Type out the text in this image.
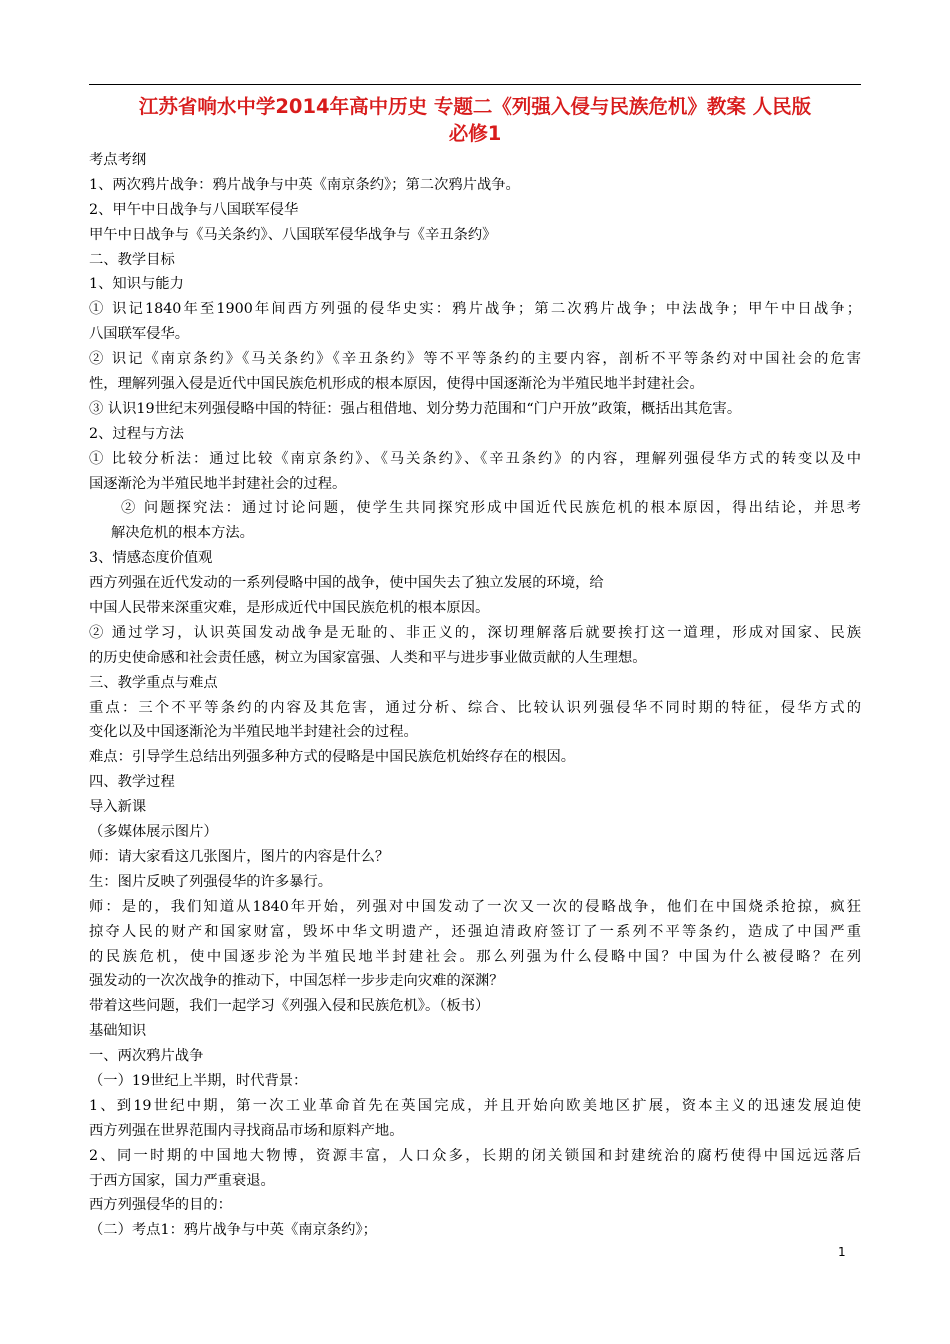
江苏省响水中学2014年高中历史 专题二《列强入侵与民族危机》教案 人民版
必修1
考点考纲
1、两次鸦片战争：鸦片战争与中英《南京条约》；第二次鸦片战争。
2、甲午中日战争与八国联军侵华
甲午中日战争与《马关条约》、八国联军侵华战争与《辛丑条约》
二、教学目标
1、知识与能力
① 识记1840年至1900年间西方列强的侵华史实：鸦片战争；第二次鸦片战争；中法战争；甲午中日战争；
八国联军侵华。
② 识记《南京条约》《马关条约》《辛丑条约》等不平等条约的主要内容，剖析不平等条约对中国社会的危害
性，理解列强入侵是近代中国民族危机形成的根本原因，使得中国逐渐沦为半殖民地半封建社会。
③ 认识19世纪末列强侵略中国的特征：强占租借地、划分势力范围和“门户开放”政策，概括出其危害。
2、过程与方法
① 比较分析法：通过比较《南京条约》、《马关条约》、《辛丑条约》的内容，理解列强侵华方式的转变以及中
国逐渐沦为半殖民地半封建社会的过程。
② 问题探究法：通过讨论问题，使学生共同探究形成中国近代民族危机的根本原因，得出结论，并思考
解决危机的根本方法。
3、情感态度价值观
西方列强在近代发动的一系列侵略中国的战争，使中国失去了独立发展的环境，给
中国人民带来深重灾难，是形成近代中国民族危机的根本原因。
② 通过学习，认识英国发动战争是无耻的、非正义的，深切理解落后就要挨打这一道理，形成对国家、民族
的历史使命感和社会责任感，树立为国家富强、人类和平与进步事业做贡献的人生理想。
三、教学重点与难点
重点：三个不平等条约的内容及其危害，通过分析、综合、比较认识列强侵华不同时期的特征，侵华方式的
变化以及中国逐渐沦为半殖民地半封建社会的过程。
难点：引导学生总结出列强多种方式的侵略是中国民族危机始终存在的根因。
四、教学过程
导入新课
（多媒体展示图片）
师：请大家看这几张图片，图片的内容是什么？
生：图片反映了列强侵华的许多暴行。
师：是的，我们知道从1840年开始，列强对中国发动了一次又一次的侵略战争，他们在中国烧杀抢掠，疯狂
掠夺人民的财产和国家财富，毁坏中华文明遗产，还强迫清政府签订了一系列不平等条约，造成了中国严重
的民族危机，使中国逐步沦为半殖民地半封建社会。那么列强为什么侵略中国？中国为什么被侵略？在列
强发动的一次次战争的推动下，中国怎样一步步走向灾难的深渊？
带着这些问题，我们一起学习《列强入侵和民族危机》。（板书）
基础知识
一、两次鸦片战争
（一）19世纪上半期，时代背景：
1、到19世纪中期，第一次工业革命首先在英国完成，并且开始向欧美地区扩展，资本主义的迅速发展迫使
西方列强在世界范围内寻找商品市场和原料产地。
2、同一时期的中国地大物博，资源丰富，人口众多，长期的闭关锁国和封建统治的腐朽使得中国远远落后
于西方国家，国力严重衰退。
西方列强侵华的目的：
（二）考点1：鸦片战争与中英《南京条约》；
1
